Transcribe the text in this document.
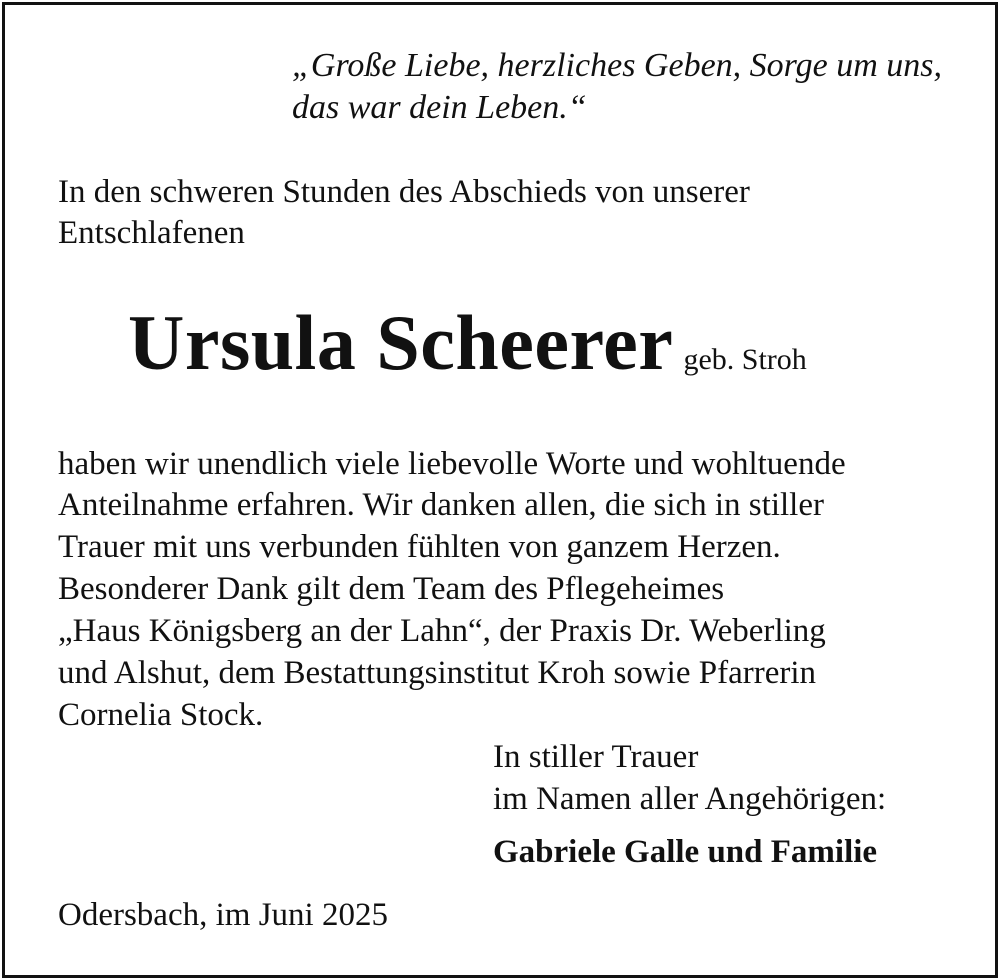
„Große Liebe, herzliches Geben, Sorge um uns,
das war dein Leben.“
In den schweren Stunden des Abschieds von unserer
Entschlafenen
Ursula Scheerer geb. Stroh
haben wir unendlich viele liebevolle Worte und wohltuende
Anteilnahme erfahren. Wir danken allen, die sich in stiller
Trauer mit uns verbunden fühlten von ganzem Herzen.
Besonderer Dank gilt dem Team des Pflegeheimes
„Haus Königsberg an der Lahn“, der Praxis Dr. Weberling
und Alshut, dem Bestattungsinstitut Kroh sowie Pfarrerin
Cornelia Stock.
In stiller Trauer
im Namen aller Angehörigen:
Gabriele Galle und Familie
Odersbach, im Juni 2025
